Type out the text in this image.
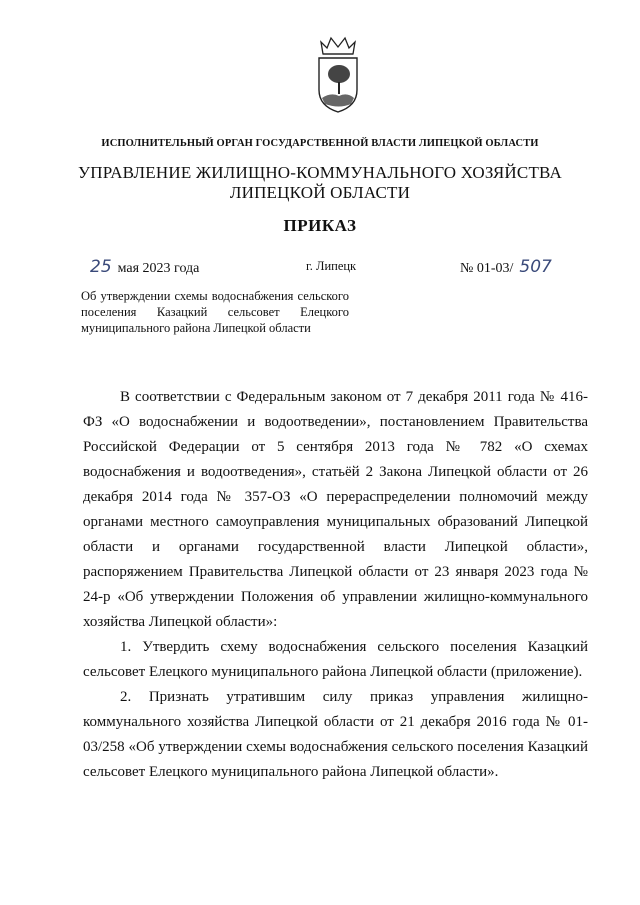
ИСПОЛНИТЕЛЬНЫЙ ОРГАН ГОСУДАРСТВЕННОЙ ВЛАСТИ ЛИПЕЦКОЙ ОБЛАСТИ
УПРАВЛЕНИЕ ЖИЛИЩНО-КОММУНАЛЬНОГО ХОЗЯЙСТВА
ЛИПЕЦКОЙ ОБЛАСТИ
ПРИКАЗ
25 мая 2023 года	г. Липецк	№ 01-03/ 507
Об утверждении схемы водоснабжения сельского поселения Казацкий сельсовет Елецкого муниципального района Липецкой области

В соответствии с Федеральным законом от 7 декабря 2011 года № 416-ФЗ «О водоснабжении и водоотведении», постановлением Правительства Российской Федерации от 5 сентября 2013 года № 782 «О схемах водоснабжения и водоотведения», статьёй 2 Закона Липецкой области от 26 декабря 2014 года № 357-ОЗ «О перераспределении полномочий между органами местного самоуправления муниципальных образований Липецкой области и органами государственной власти Липецкой области», распоряжением Правительства Липецкой области от 23 января 2023 года № 24-р «Об утверждении Положения об управлении жилищно-коммунального хозяйства Липецкой области»:

1. Утвердить схему водоснабжения сельского поселения Казацкий сельсовет Елецкого муниципального района Липецкой области (приложение).

2. Признать утратившим силу приказ управления жилищно-коммунального хозяйства Липецкой области от 21 декабря 2016 года № 01-03/258 «Об утверждении схемы водоснабжения сельского поселения Казацкий сельсовет Елецкого муниципального района Липецкой области».
